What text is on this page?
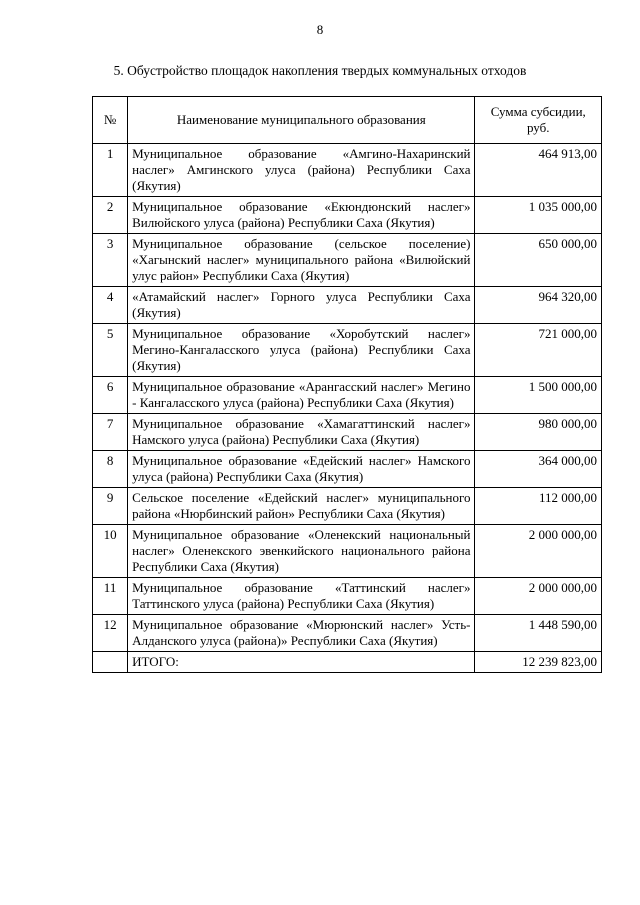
8
5. Обустройство площадок накопления твердых коммунальных отходов
№	Наименование муниципального образования	Сумма субсидии, руб.
1	Муниципальное образование «Амгино-Нахаринский наслег» Амгинского улуса (района) Республики Саха (Якутия)	464 913,00
2	Муниципальное образование «Екюндюнский наслег» Вилюйского улуса (района) Республики Саха (Якутия)	1 035 000,00
3	Муниципальное образование (сельское поселение) «Хагынский наслег» муниципального района «Вилюйский улус район» Республики Саха (Якутия)	650 000,00
4	«Атамайский наслег» Горного улуса Республики Саха (Якутия)	964 320,00
5	Муниципальное образование «Хоробутский наслег» Мегино-Кангаласского улуса (района) Республики Саха (Якутия)	721 000,00
6	Муниципальное образование «Арангасский наслег» Мегино - Кангаласского улуса (района) Республики Саха (Якутия)	1 500 000,00
7	Муниципальное образование «Хамагаттинский наслег» Намского улуса (района) Республики Саха (Якутия)	980 000,00
8	Муниципальное образование «Едейский наслег» Намского улуса (района) Республики Саха (Якутия)	364 000,00
9	Сельское поселение «Едейский наслег» муниципального района «Нюрбинский район» Республики Саха (Якутия)	112 000,00
10	Муниципальное образование «Оленекский национальный наслег» Оленекского эвенкийского национального района Республики Саха (Якутия)	2 000 000,00
11	Муниципальное образование «Таттинский наслег» Таттинского улуса (района) Республики Саха (Якутия)	2 000 000,00
12	Муниципальное образование «Мюрюнский наслег» Усть-Алданского улуса (района)» Республики Саха (Якутия)	1 448 590,00
	ИТОГО:	12 239 823,00
